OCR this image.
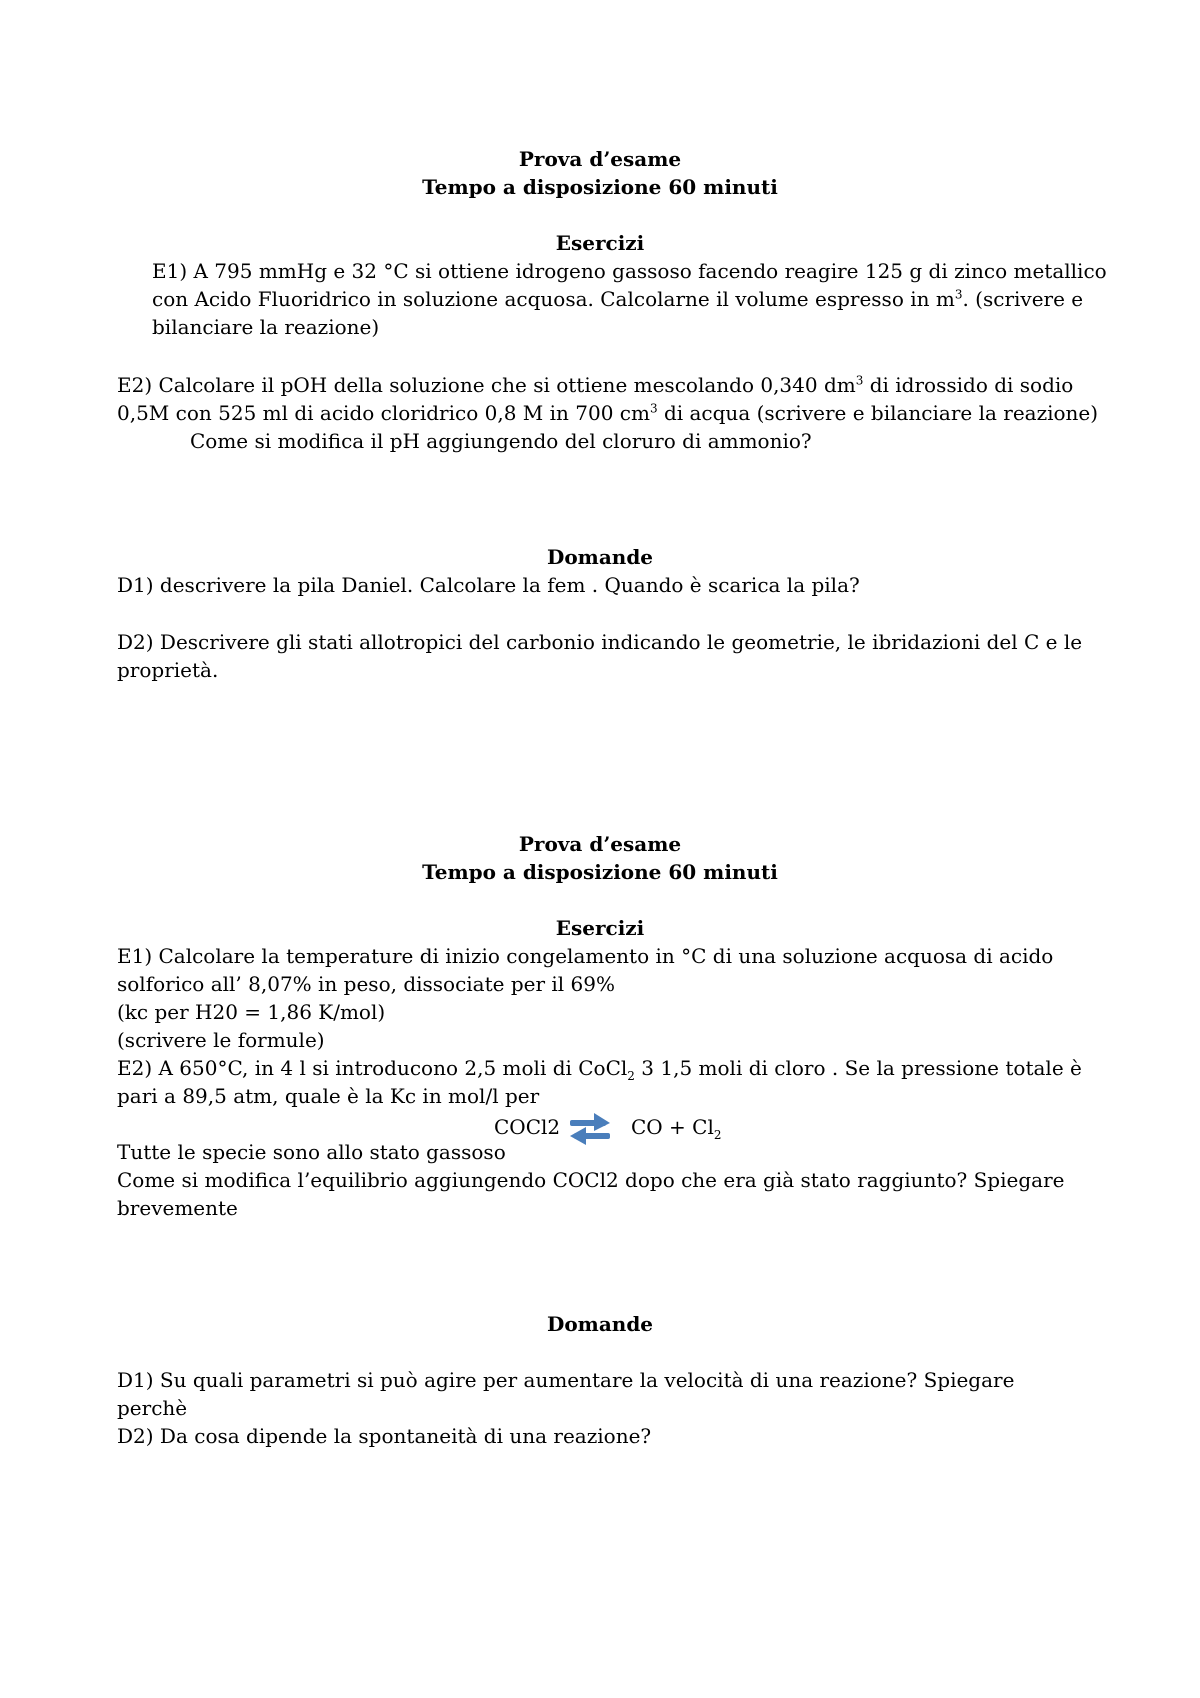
Prova d’esame
Tempo a disposizione 60 minuti
Esercizi
E1) A 795 mmHg e 32 °C si ottiene idrogeno gassoso facendo reagire 125 g di zinco metallico
con Acido Fluoridrico in soluzione acquosa. Calcolarne il volume espresso in $m^3$. (scrivere e
bilanciare la reazione)
E2) Calcolare il pOH della soluzione che si ottiene mescolando 0,340 $dm^3$ di idrossido di sodio
0,5M con 525 ml di acido cloridrico 0,8 M in 700 $cm^3$ di acqua (scrivere e bilanciare la reazione)
Come si modifica il pH aggiungendo del cloruro di ammonio?
Domande
D1) descrivere la pila Daniel. Calcolare la fem . Quando è scarica la pila?
D2) Descrivere gli stati allotropici del carbonio indicando le geometrie, le ibridazioni del C e le
proprietà.
Prova d’esame
Tempo a disposizione 60 minuti
Esercizi
E1) Calcolare la temperature di inizio congelamento in °C di una soluzione acquosa di acido
solforico all’ 8,07% in peso, dissociate per il 69%
(kc per H20 = 1,86 K/mol)
(scrivere le formule)
E2) A 650°C, in 4 l si introducono 2,5 moli di CoCl$_2$ 3 1,5 moli di cloro . Se la pressione totale è
pari a 89,5 atm, quale è la Kc in mol/l per
COCl2 ⇌ CO + $Cl_2$
Tutte le specie sono allo stato gassoso
Come si modifica l’equilibrio aggiungendo COCl2 dopo che era già stato raggiunto? Spiegare
brevemente
Domande
D1) Su quali parametri si può agire per aumentare la velocità di una reazione? Spiegare
perchè
D2) Da cosa dipende la spontaneità di una reazione?
